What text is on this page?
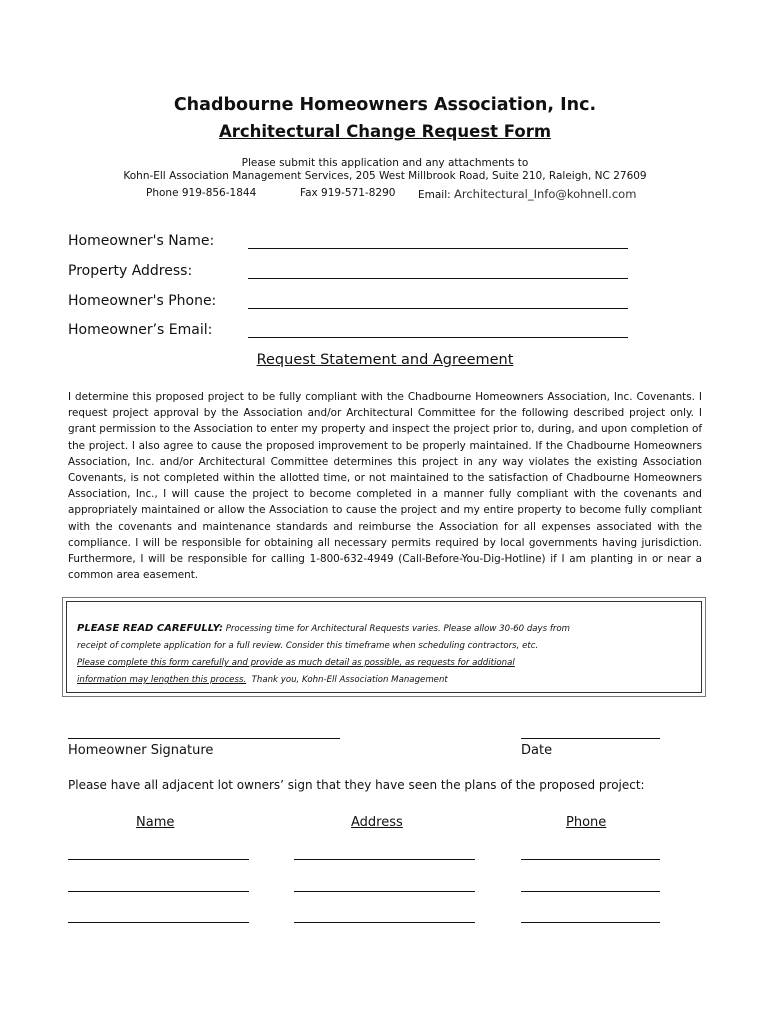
Chadbourne Homeowners Association, Inc.
Architectural Change Request Form
Please submit this application and any attachments to
Kohn-Ell Association Management Services, 205 West Millbrook Road, Suite 210, Raleigh, NC 27609
Phone 919-856-1844	Fax 919-571-8290 Email: Architectural_Info@kohnell.com
Homeowner's Name:
Property Address:
Homeowner's Phone:
Homeowner’s Email:
Request Statement and Agreement
I determine this proposed project to be fully compliant with the Chadbourne Homeowners Association, Inc. Covenants. I request project approval by the Association and/or Architectural Committee for the following described project only. I grant permission to the Association to enter my property and inspect the project prior to, during, and upon completion of the project. I also agree to cause the proposed improvement to be properly maintained. If the Chadbourne Homeowners Association, Inc. and/or Architectural Committee determines this project in any way violates the existing Association Covenants, is not completed within the allotted time, or not maintained to the satisfaction of Chadbourne Homeowners Association, Inc., I will cause the project to become completed in a manner fully compliant with the covenants and appropriately maintained or allow the Association to cause the project and my entire property to become fully compliant with the covenants and maintenance standards and reimburse the Association for all expenses associated with the compliance. I will be responsible for obtaining all necessary permits required by local governments having jurisdiction. Furthermore, I will be responsible for calling 1-800-632-4949 (Call-Before-You-Dig-Hotline) if I am planting in or near a common area easement.
PLEASE READ CAREFULLY: Processing time for Architectural Requests varies. Please allow 30-60 days from
receipt of complete application for a full review. Consider this timeframe when scheduling contractors, etc.
Please complete this form carefully and provide as much detail as possible, as requests for additional
information may lengthen this process. Thank you, Kohn-Ell Association Management
Homeowner Signature	Date
Please have all adjacent lot owners’ sign that they have seen the plans of the proposed project:
Name	Address	Phone
